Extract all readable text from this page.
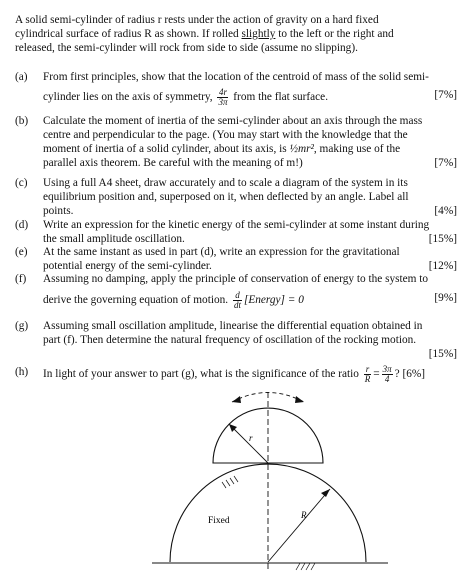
A solid semi-cylinder of radius r rests under the action of gravity on a hard fixed
cylindrical surface of radius R as shown. If rolled slightly to the left or the right and
released, the semi-cylinder will rock from side to side (assume no slipping).
(a)	From first principles, show that the location of the centroid of mass of the solid semi-
cylinder lies on the axis of symmetry, $\frac{4r}{3\pi}$ from the flat surface.	[7%]
(b)	Calculate the moment of inertia of the semi-cylinder about an axis through the mass
centre and perpendicular to the page. (You may start with the knowledge that the
moment of inertia of a solid cylinder, about its axis, is ½mr², making use of the
parallel axis theorem. Be careful with the meaning of m!)	[7%]
(c)	Using a full A4 sheet, draw accurately and to scale a diagram of the system in its
equilibrium position and, superposed on it, when deflected by an angle. Label all
points.	[4%]
(d)	Write an expression for the kinetic energy of the semi-cylinder at some instant during
the small amplitude oscillation.	[15%]
(e)	At the same instant as used in part (d), write an expression for the gravitational
potential energy of the semi-cylinder.	[12%]
(f)	Assuming no damping, apply the principle of conservation of energy to the system to
derive the governing equation of motion. $\frac{d}{dt}$ [Energy] = 0	[9%]
(g)	Assuming small oscillation amplitude, linearise the differential equation obtained in
part (f). Then determine the natural frequency of oscillation of the rocking motion.
[15%]
(h)	In light of your answer to part (g), what is the significance of the ratio $\frac{r}{R} = \frac{3\pi}{4}$ ? [6%]
r
R
Fixed
